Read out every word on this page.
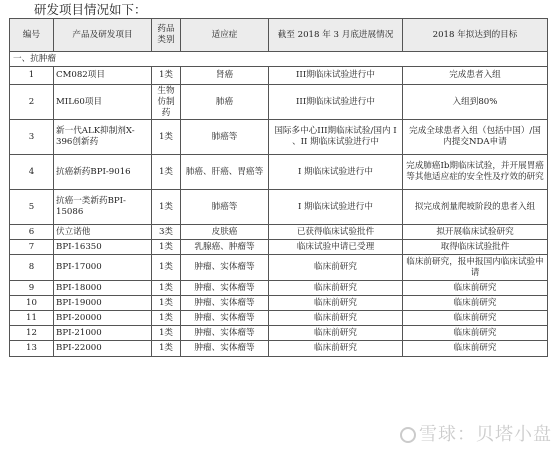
研发项目情况如下：
编号	产品及研发项目	药品类别	适应症	截至 2018 年 3 月底进展情况	2018 年拟达到的目标
一、抗肿瘤					
1	CM082项目	1类	肾癌	III期临床试验进行中	完成患者入组
2	MIL60项目	生物仿制药	肺癌	III期临床试验进行中	入组到80%
3	新一代ALK抑制剂X-396创新药	1类	肺癌等	国际多中心III期临床试验/国内 I 、II 期临床试验进行中	完成全球患者入组（包括中国）/国内提交NDA申请
4	抗癌新药BPI-9016	1类	肺癌、肝癌、胃癌等	I 期临床试验进行中	完成肺癌Ib期临床试验，并开展胃癌等其他适应症的安全性及疗效的研究
5	抗癌一类新药BPI-15086	1类	肺癌等	I 期临床试验进行中	拟完成剂量爬坡阶段的患者入组
6	伏立诺他	3类	皮肤癌	已获得临床试验批件	拟开展临床试验研究
7	BPI-16350	1类	乳腺癌、肿瘤等	临床试验申请已受理	取得临床试验批件
8	BPI-17000	1类	肿瘤、实体瘤等	临床前研究	临床前研究，报申报国内临床试验申请
9	BPI-18000	1类	肿瘤、实体瘤等	临床前研究	临床前研究
10	BPI-19000	1类	肿瘤、实体瘤等	临床前研究	临床前研究
11	BPI-20000	1类	肿瘤、实体瘤等	临床前研究	临床前研究
12	BPI-21000	1类	肿瘤、实体瘤等	临床前研究	临床前研究
13	BPI-22000	1类	肿瘤、实体瘤等	临床前研究	临床前研究
雪球：贝塔小盘
